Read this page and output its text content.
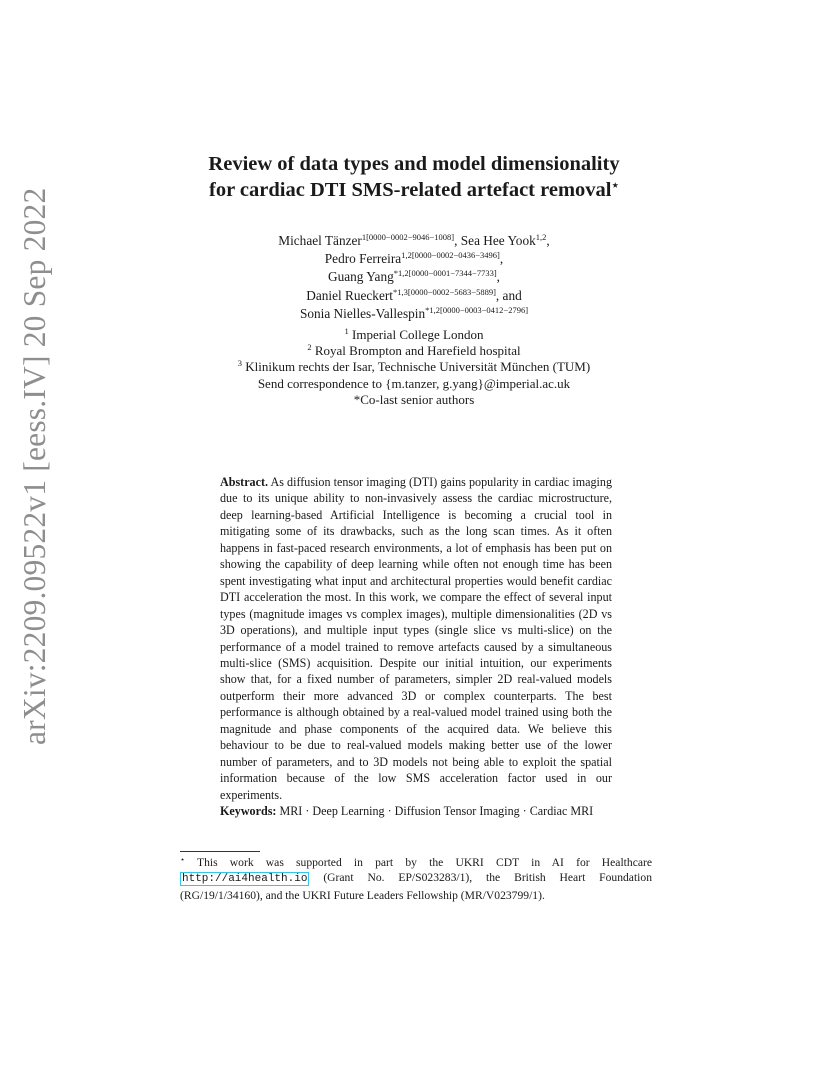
arXiv:2209.09522v1 [eess.IV] 20 Sep 2022
Review of data types and model dimensionality
for cardiac DTI SMS-related artefact removal⋆
Michael Tänzer$^{1[0000-0002-9046-1008]}$, Sea Hee Yook$^{1,2}$,
Pedro Ferreira$^{1,2[0000-0002-0436-3496]}$,
Guang Yang$^{*1,2[0000-0001-7344-7733]}$,
Daniel Rueckert$^{*1,3[0000-0002-5683-5889]}$, and
Sonia Nielles-Vallespin$^{*1,2[0000-0003-0412-2796]}$
$^1$ Imperial College London
$^2$ Royal Brompton and Harefield hospital
$^3$ Klinikum rechts der Isar, Technische Universität München (TUM)
Send correspondence to {m.tanzer, g.yang}@imperial.ac.uk
*Co-last senior authors
Abstract. As diffusion tensor imaging (DTI) gains popularity in cardiac imaging due to its unique ability to non-invasively assess the cardiac microstructure, deep learning-based Artificial Intelligence is becoming a crucial tool in mitigating some of its drawbacks, such as the long scan times. As it often happens in fast-paced research environments, a lot of emphasis has been put on showing the capability of deep learning while often not enough time has been spent investigating what input and architectural properties would benefit cardiac DTI acceleration the most. In this work, we compare the effect of several input types (magnitude images vs complex images), multiple dimensionalities (2D vs 3D operations), and multiple input types (single slice vs multi-slice) on the performance of a model trained to remove artefacts caused by a simultaneous multi-slice (SMS) acquisition. Despite our initial intuition, our experiments show that, for a fixed number of parameters, simpler 2D real-valued models outperform their more advanced 3D or complex counterparts. The best performance is although obtained by a real-valued model trained using both the magnitude and phase components of the acquired data. We believe this behaviour to be due to real-valued models making better use of the lower number of parameters, and to 3D models not being able to exploit the spatial information because of the low SMS acceleration factor used in our experiments.
Keywords: MRI · Deep Learning · Diffusion Tensor Imaging · Cardiac MRI
⋆ This work was supported in part by the UKRI CDT in AI for Healthcare http://ai4health.io (Grant No. EP/S023283/1), the British Heart Foundation (RG/19/1/34160), and the UKRI Future Leaders Fellowship (MR/V023799/1).
